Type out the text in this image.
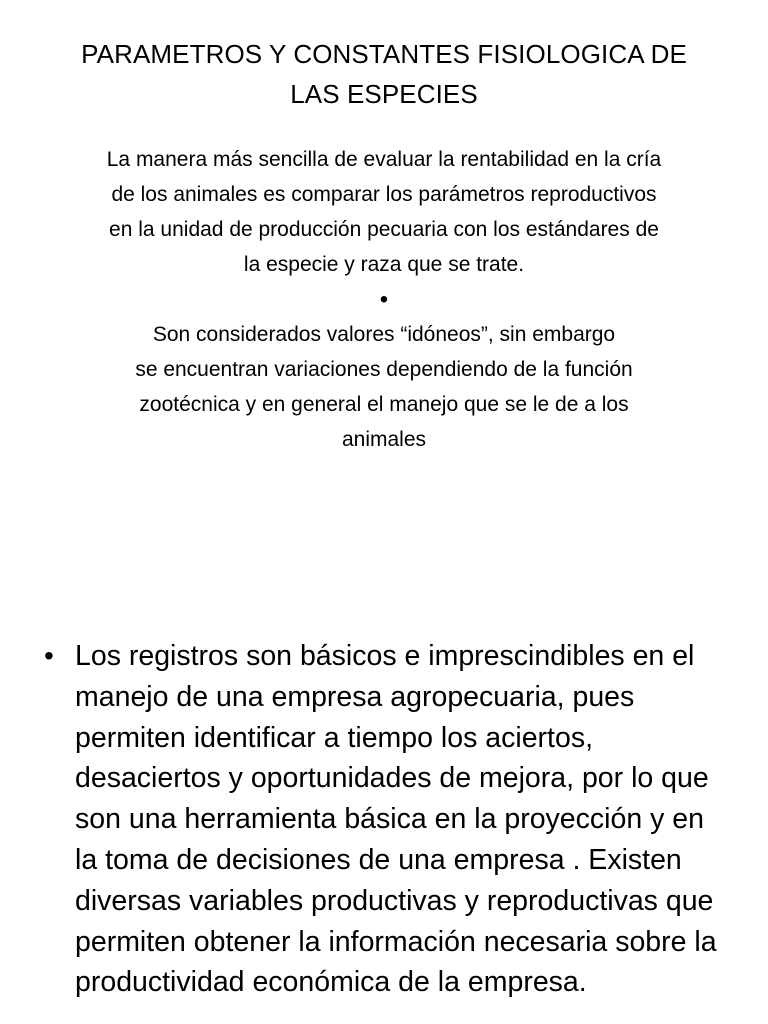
PARAMETROS Y CONSTANTES FISIOLOGICA DE LAS ESPECIES

La manera más sencilla de evaluar la rentabilidad en la cría de los animales es comparar los parámetros reproductivos en la unidad de producción pecuaria con los estándares de la especie y raza que se trate.

•

Son considerados valores “idóneos”, sin embargo

se encuentran variaciones dependiendo de la función zootécnica y en general el manejo que se le de a los animales

• Los registros son básicos e imprescindibles en el manejo de una empresa agropecuaria, pues permiten identificar a tiempo los aciertos, desaciertos y oportunidades de mejora, por lo que son una herramienta básica en la proyección y en la toma de decisiones de una empresa . Existen diversas variables productivas y reproductivas que permiten obtener la información necesaria sobre la productividad económica de la empresa.
